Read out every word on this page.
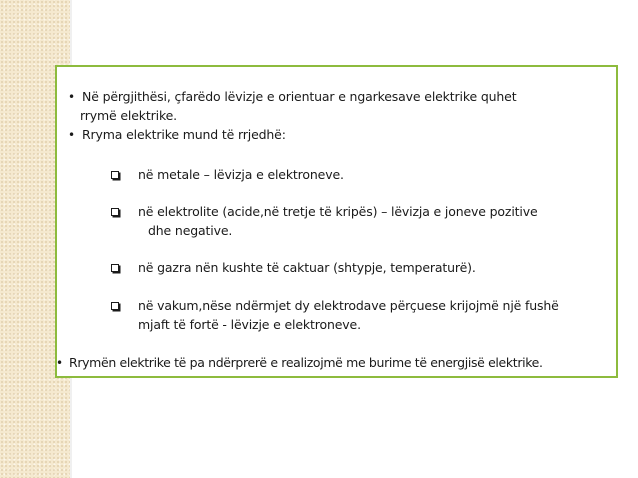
• Në përgjithësi, çfarëdo lëvizje e orientuar e ngarkesave elektrike quhet
rrymë elektrike.
• Rryma elektrike mund të rrjedhë:
në metale – lëvizja e elektroneve.
në elektrolite (acide,në tretje të kripës) – lëvizja e joneve pozitive
dhe negative.
në gazra nën kushte të caktuar (shtypje, temperaturë).
në vakum,nëse ndërmjet dy elektrodave përçuese krijojmë një fushë
mjaft të fortë - lëvizje e elektroneve.
• Rrymën elektrike të pa ndërprerë e realizojmë me burime të energjisë elektrike.
